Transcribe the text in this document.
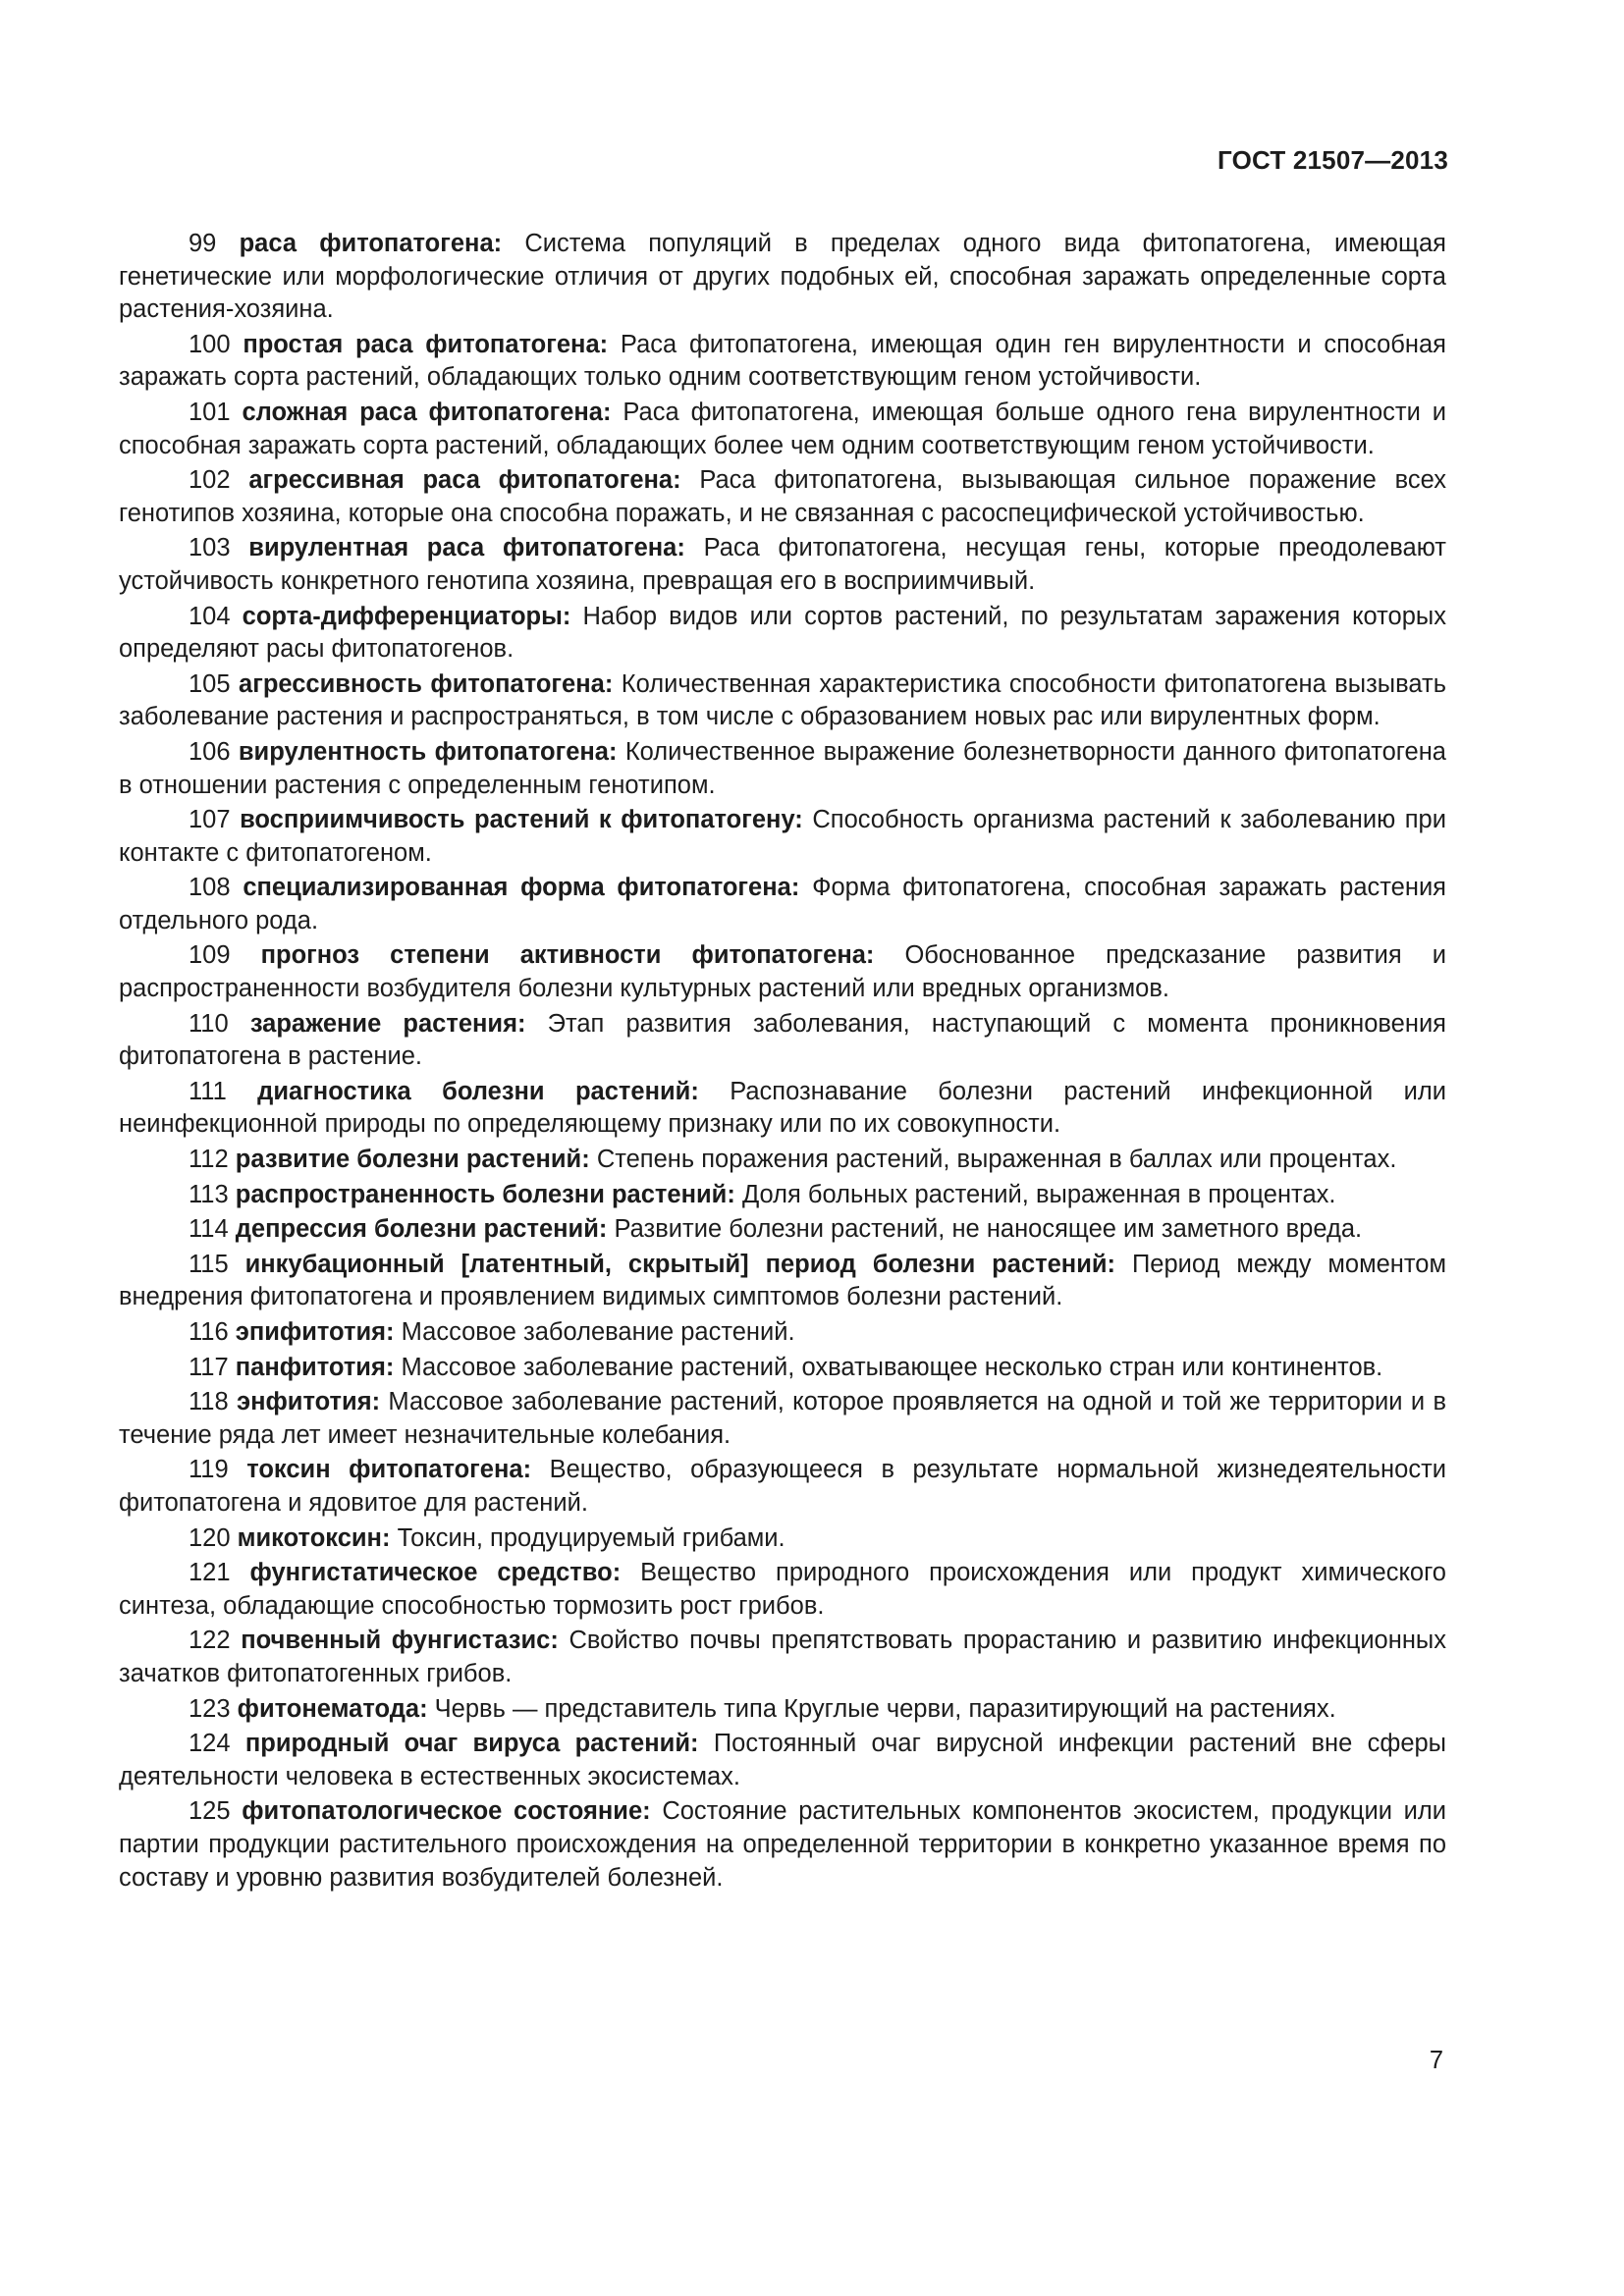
ГОСТ 21507—2013

99 раса фитопатогена: Система популяций в пределах одного вида фитопатогена, имеющая генетические или морфологические отличия от других подобных ей, способная заражать определенные сорта растения-хозяина.

100 простая раса фитопатогена: Раса фитопатогена, имеющая один ген вирулентности и способная заражать сорта растений, обладающих только одним соответствующим геном устойчивости.

101 сложная раса фитопатогена: Раса фитопатогена, имеющая больше одного гена вирулентности и способная заражать сорта растений, обладающих более чем одним соответствующим геном устойчивости.

102 агрессивная раса фитопатогена: Раса фитопатогена, вызывающая сильное поражение всех генотипов хозяина, которые она способна поражать, и не связанная с расоспецифической устойчивостью.

103 вирулентная раса фитопатогена: Раса фитопатогена, несущая гены, которые преодолевают устойчивость конкретного генотипа хозяина, превращая его в восприимчивый.

104 сорта-дифференциаторы: Набор видов или сортов растений, по результатам заражения которых определяют расы фитопатогенов.

105 агрессивность фитопатогена: Количественная характеристика способности фитопатогена вызывать заболевание растения и распространяться, в том числе с образованием новых рас или вирулентных форм.

106 вирулентность фитопатогена: Количественное выражение болезнетворности данного фитопатогена в отношении растения с определенным генотипом.

107 восприимчивость растений к фитопатогену: Способность организма растений к заболеванию при контакте с фитопатогеном.

108 специализированная форма фитопатогена: Форма фитопатогена, способная заражать растения отдельного рода.

109 прогноз степени активности фитопатогена: Обоснованное предсказание развития и распространенности возбудителя болезни культурных растений или вредных организмов.

110 заражение растения: Этап развития заболевания, наступающий с момента проникновения фитопатогена в растение.

111 диагностика болезни растений: Распознавание болезни растений инфекционной или неинфекционной природы по определяющему признаку или по их совокупности.

112 развитие болезни растений: Степень поражения растений, выраженная в баллах или процентах.

113 распространенность болезни растений: Доля больных растений, выраженная в процентах.

114 депрессия болезни растений: Развитие болезни растений, не наносящее им заметного вреда.

115 инкубационный [латентный, скрытый] период болезни растений: Период между моментом внедрения фитопатогена и проявлением видимых симптомов болезни растений.

116 эпифитотия: Массовое заболевание растений.

117 панфитотия: Массовое заболевание растений, охватывающее несколько стран или континентов.

118 энфитотия: Массовое заболевание растений, которое проявляется на одной и той же территории и в течение ряда лет имеет незначительные колебания.

119 токсин фитопатогена: Вещество, образующееся в результате нормальной жизнедеятельности фитопатогена и ядовитое для растений.

120 микотоксин: Токсин, продуцируемый грибами.

121 фунгистатическое средство: Вещество природного происхождения или продукт химического синтеза, обладающие способностью тормозить рост грибов.

122 почвенный фунгистазис: Свойство почвы препятствовать прорастанию и развитию инфекционных зачатков фитопатогенных грибов.

123 фитонематода: Червь — представитель типа Круглые черви, паразитирующий на растениях.

124 природный очаг вируса растений: Постоянный очаг вирусной инфекции растений вне сферы деятельности человека в естественных экосистемах.

125 фитопатологическое состояние: Состояние растительных компонентов экосистем, продукции или партии продукции растительного происхождения на определенной территории в конкретно указанное время по составу и уровню развития возбудителей болезней.

7
